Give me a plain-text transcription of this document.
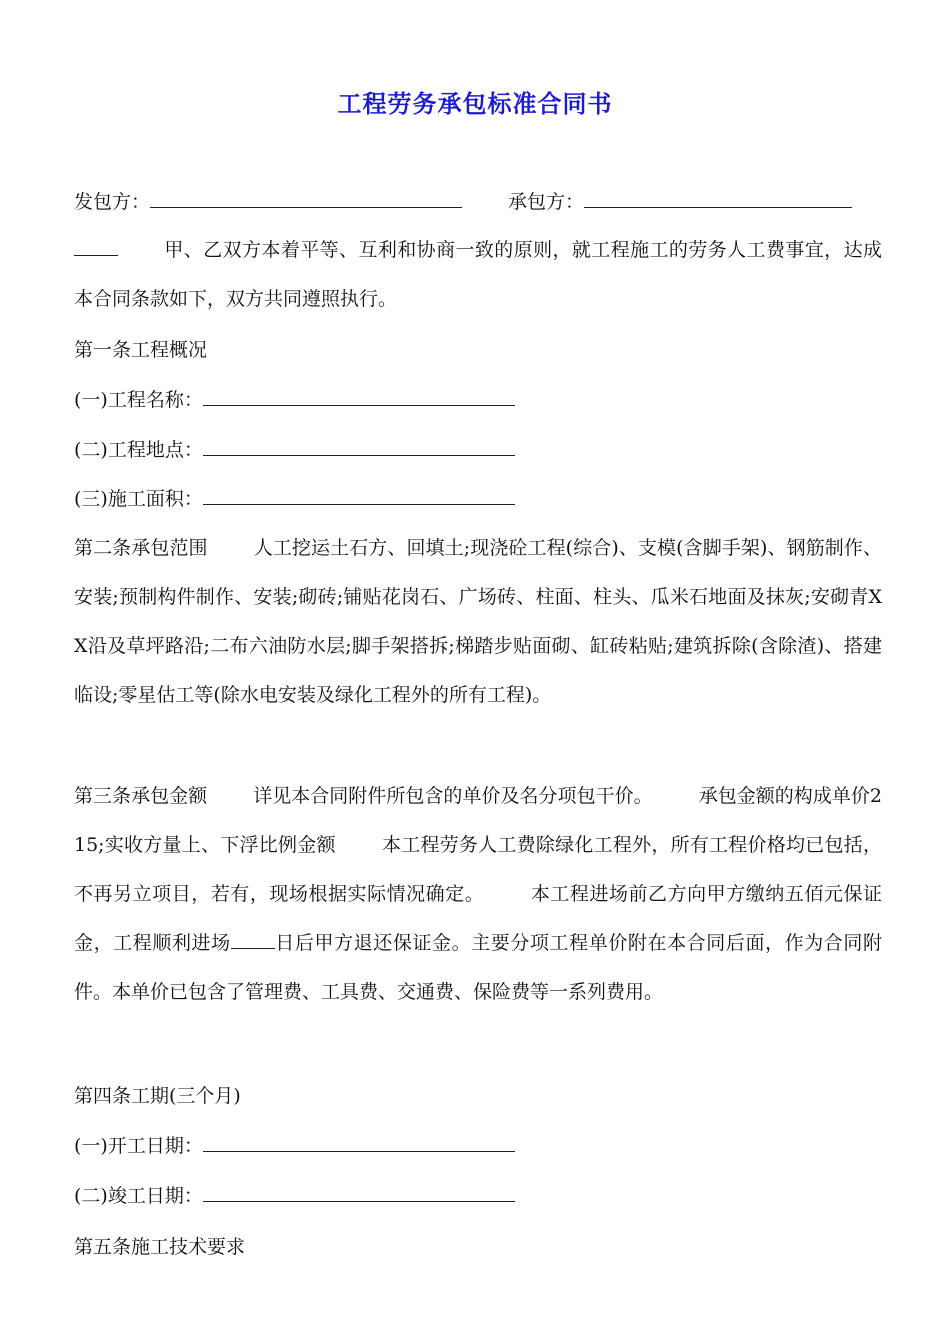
工程劳务承包标准合同书
发包方：	承包方：
甲、乙双方本着平等、互利和协商一致的原则，就工程施工的劳务人工费事宜，达成本合同条款如下，双方共同遵照执行。
第一条工程概况
(一)工程名称：
(二)工程地点：
(三)施工面积：
第二条承包范围 人工挖运土石方、回填土;现浇砼工程(综合)、支模(含脚手架)、钢筋制作、安装;预制构件制作、安装;砌砖;铺贴花岗石、广场砖、柱面、柱头、瓜米石地面及抹灰;安砌青XX沿及草坪路沿;二布六油防水层;脚手架搭拆;梯踏步贴面砌、缸砖粘贴;建筑拆除(含除渣)、搭建临设;零星估工等(除水电安装及绿化工程外的所有工程)。
第三条承包金额 详见本合同附件所包含的单价及名分项包干价。 承包金额的构成单价215;实收方量上、下浮比例金额 本工程劳务人工费除绿化工程外，所有工程价格均已包括，不再另立项目，若有，现场根据实际情况确定。 本工程进场前乙方向甲方缴纳五佰元保证金，工程顺利进场 日后甲方退还保证金。主要分项工程单价附在本合同后面，作为合同附件。本单价已包含了管理费、工具费、交通费、保险费等一系列费用。
第四条工期(三个月)
(一)开工日期：
(二)竣工日期：
第五条施工技术要求
